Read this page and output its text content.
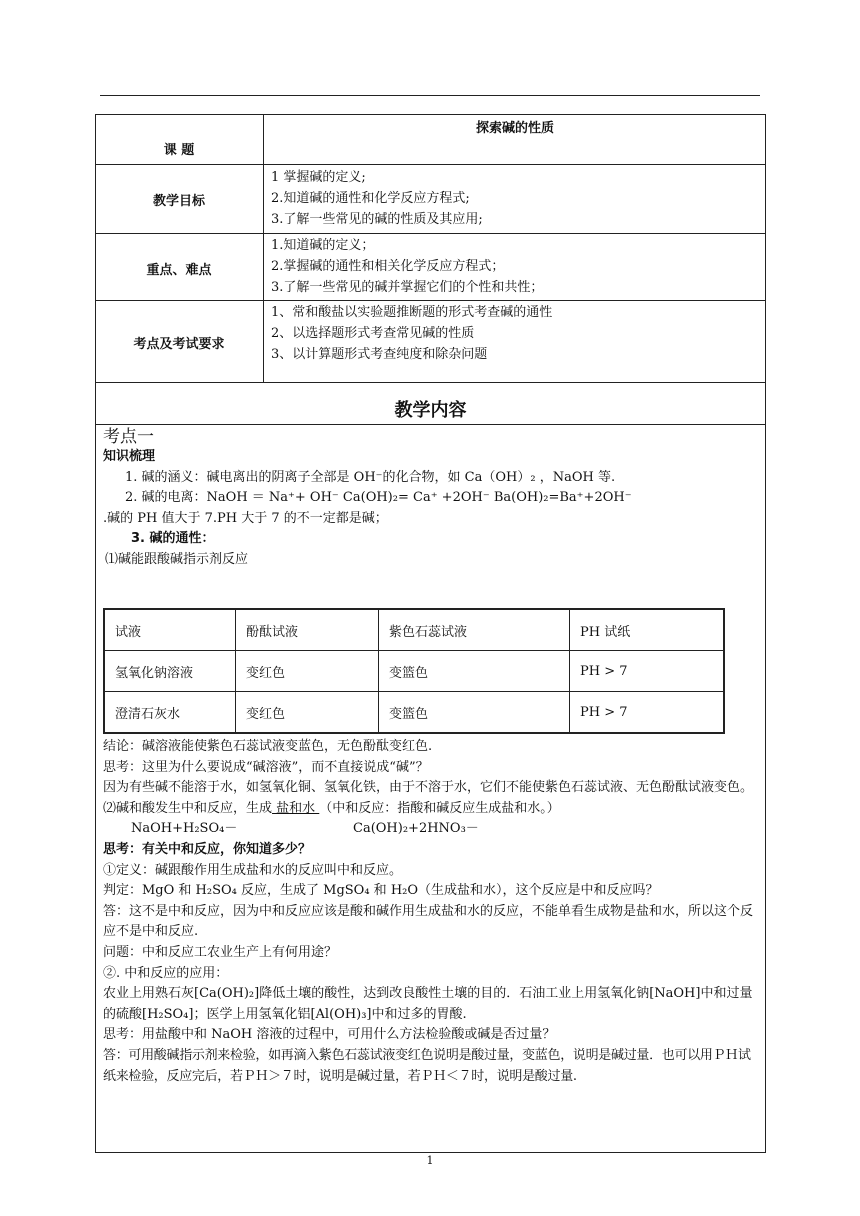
课 题
探索碱的性质
教学目标
1 掌握碱的定义;
2.知道碱的通性和化学反应方程式;
3.了解一些常见的碱的性质及其应用;
重点、难点
1.知道碱的定义；
2.掌握碱的通性和相关化学反应方程式；
3.了解一些常见的碱并掌握它们的个性和共性；
考点及考试要求
1、常和酸盐以实验题推断题的形式考查碱的通性
2、以选择题形式考查常见碱的性质
3、以计算题形式考查纯度和除杂问题
教学内容

考点一

知识梳理

1. 碱的涵义：碱电离出的阴离子全部是 OH⁻的化合物，如 Ca（OH）₂ ，NaOH 等.

2. 碱的电离：NaOH ＝ Na⁺+ OH⁻ Ca(OH)₂= Ca⁺ +2OH⁻ Ba(OH)₂=Ba⁺+2OH⁻

.碱的 PH 值大于 7.PH 大于 7 的不一定都是碱；

3. 碱的通性：

⑴碱能跟酸碱指示剂反应

试液	酚酞试液	紫色石蕊试液	PH 试纸
氢氧化钠溶液	变红色	变篮色	PH > 7
澄清石灰水	变红色	变篮色	PH > 7

结论：碱溶液能使紫色石蕊试液变蓝色，无色酚酞变红色.

思考：这里为什么要说成“碱溶液”，而不直接说成“碱”？

因为有些碱不能溶于水，如氢氧化铜、氢氧化铁，由于不溶于水，它们不能使紫色石蕊试液、无色酚酞试液变色。

⑵碱和酸发生中和反应，生成 盐和水 （中和反应：指酸和碱反应生成盐和水。）

NaOH+H₂SO₄－	Ca(OH)₂+2HNO₃－

思考：有关中和反应，你知道多少？

①定义：碱跟酸作用生成盐和水的反应叫中和反应。

判定：MgO 和 H₂SO₄ 反应，生成了 MgSO₄ 和 H₂O（生成盐和水），这个反应是中和反应吗？

答：这不是中和反应，因为中和反应应该是酸和碱作用生成盐和水的反应，不能单看生成物是盐和水，所以这个反应不是中和反应.

问题：中和反应工农业生产上有何用途？

②. 中和反应的应用：

农业上用熟石灰[Ca(OH)₂]降低土壤的酸性，达到改良酸性土壤的目的．石油工业上用氢氧化钠[NaOH]中和过量的硫酸[H₂SO₄]；医学上用氢氧化铝[Al(OH)₃]中和过多的胃酸.

思考：用盐酸中和 NaOH 溶液的过程中，可用什么方法检验酸或碱是否过量？

答：可用酸碱指示剂来检验，如再滴入紫色石蕊试液变红色说明是酸过量，变蓝色，说明是碱过量．也可以用ＰＨ试纸来检验，反应完后，若ＰＨ＞７时，说明是碱过量，若ＰＨ＜７时，说明是酸过量.

1
